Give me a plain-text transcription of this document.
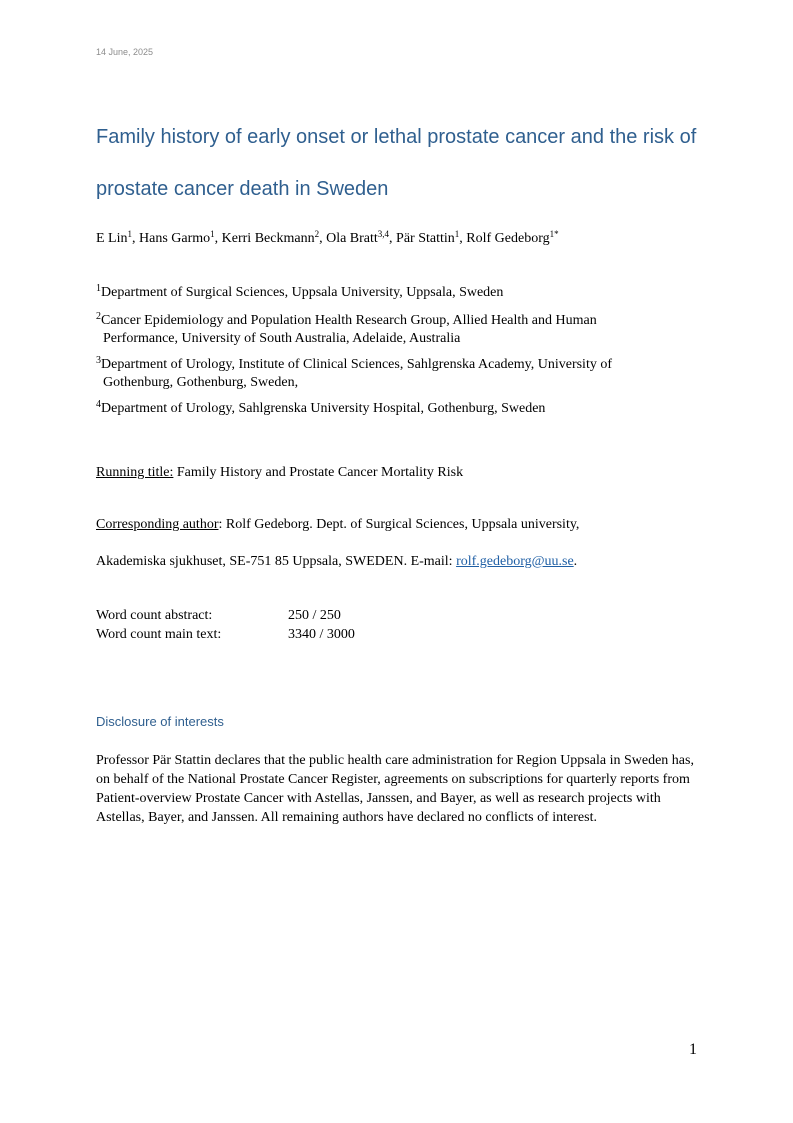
14 June, 2025
Family history of early onset or lethal prostate cancer and the risk of prostate cancer death in Sweden
E Lin$^1$, Hans Garmo$^1$, Kerri Beckmann$^2$, Ola Bratt$^{3,4}$, Pär Stattin$^1$, Rolf Gedeborg$^{1*}$
$^1$Department of Surgical Sciences, Uppsala University, Uppsala, Sweden
$^2$Cancer Epidemiology and Population Health Research Group, Allied Health and Human
Performance, University of South Australia, Adelaide, Australia
$^3$Department of Urology, Institute of Clinical Sciences, Sahlgrenska Academy, University of
Gothenburg, Gothenburg, Sweden,
$^4$Department of Urology, Sahlgrenska University Hospital, Gothenburg, Sweden
Running title: Family History and Prostate Cancer Mortality Risk
Corresponding author: Rolf Gedeborg. Dept. of Surgical Sciences, Uppsala university,
Akademiska sjukhuset, SE-751 85 Uppsala, SWEDEN. E-mail: rolf.gedeborg@uu.se.
Word count abstract:	250 / 250
Word count main text:	3340 / 3000
Disclosure of interests
Professor Pär Stattin declares that the public health care administration for Region Uppsala in Sweden has, on behalf of the National Prostate Cancer Register, agreements on subscriptions for quarterly reports from Patient-overview Prostate Cancer with Astellas, Janssen, and Bayer, as well as research projects with Astellas, Bayer, and Janssen. All remaining authors have declared no conflicts of interest.
1
